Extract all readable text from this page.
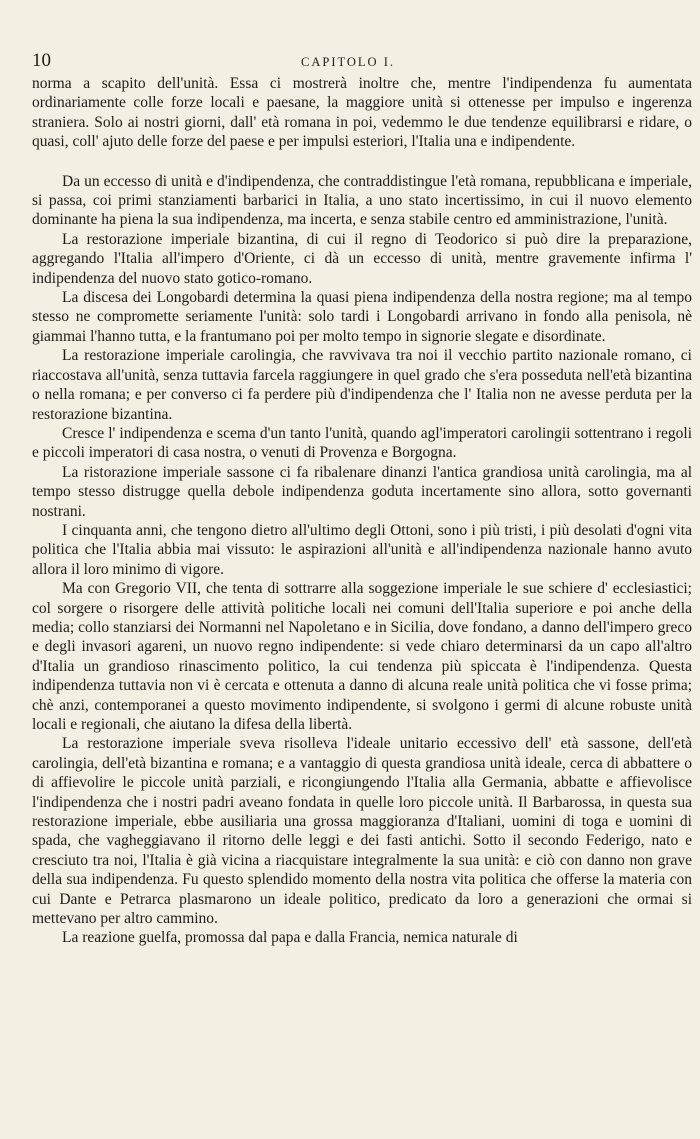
10	CAPITOLO I.

norma a scapito dell'unità. Essa ci mostrerà inoltre che, mentre l'indipendenza fu aumentata ordinariamente colle forze locali e paesane, la maggiore unità si ottenesse per impulso e ingerenza straniera. Solo ai nostri giorni, dall' età romana in poi, vedemmo le due tendenze equilibrarsi e ridare, o quasi, coll' ajuto delle forze del paese e per impulsi esteriori, l'Italia una e indipendente.

Da un eccesso di unità e d'indipendenza, che contraddistingue l'età romana, repubblicana e imperiale, si passa, coi primi stanziamenti barbarici in Italia, a uno stato incertissimo, in cui il nuovo elemento dominante ha piena la sua indipendenza, ma incerta, e senza stabile centro ed amministrazione, l'unità.

La restorazione imperiale bizantina, di cui il regno di Teodorico si può dire la preparazione, aggregando l'Italia all'impero d'Oriente, ci dà un eccesso di unità, mentre gravemente infirma l' indipendenza del nuovo stato gotico-romano.

La discesa dei Longobardi determina la quasi piena indipendenza della nostra regione; ma al tempo stesso ne compromette seriamente l'unità: solo tardi i Longobardi arrivano in fondo alla penisola, nè giammai l'hanno tutta, e la frantumano poi per molto tempo in signorie slegate e disordinate.

La restorazione imperiale carolingia, che ravvivava tra noi il vecchio partito nazionale romano, ci riaccostava all'unità, senza tuttavia farcela raggiungere in quel grado che s'era posseduta nell'età bizantina o nella romana; e per converso ci fa perdere più d'indipendenza che l' Italia non ne avesse perduta per la restorazione bizantina.

Cresce l' indipendenza e scema d'un tanto l'unità, quando agl'imperatori carolingii sottentrano i regoli e piccoli imperatori di casa nostra, o venuti di Provenza e Borgogna.

La ristorazione imperiale sassone ci fa ribalenare dinanzi l'antica grandiosa unità carolingia, ma al tempo stesso distrugge quella debole indipendenza goduta incertamente sino allora, sotto governanti nostrani.

I cinquanta anni, che tengono dietro all'ultimo degli Ottoni, sono i più tristi, i più desolati d'ogni vita politica che l'Italia abbia mai vissuto: le aspirazioni all'unità e all'indipendenza nazionale hanno avuto allora il loro minimo di vigore.

Ma con Gregorio VII, che tenta di sottrarre alla soggezione imperiale le sue schiere d' ecclesiastici; col sorgere o risorgere delle attività politiche locali nei comuni dell'Italia superiore e poi anche della media; collo stanziarsi dei Normanni nel Napoletano e in Sicilia, dove fondano, a danno dell'impero greco e degli invasori agareni, un nuovo regno indipendente: si vede chiaro determinarsi da un capo all'altro d'Italia un grandioso rinascimento politico, la cui tendenza più spiccata è l'indipendenza. Questa indipendenza tuttavia non vi è cercata e ottenuta a danno di alcuna reale unità politica che vi fosse prima; chè anzi, contemporanei a questo movimento indipendente, si svolgono i germi di alcune robuste unità locali e regionali, che aiutano la difesa della libertà.

La restorazione imperiale sveva risolleva l'ideale unitario eccessivo dell' età sassone, dell'età carolingia, dell'età bizantina e romana; e a vantaggio di questa grandiosa unità ideale, cerca di abbattere o di affievolire le piccole unità parziali, e ricongiungendo l'Italia alla Germania, abbatte e affievolisce l'indipendenza che i nostri padri aveano fondata in quelle loro piccole unità. Il Barbarossa, in questa sua restorazione imperiale, ebbe ausiliaria una grossa maggioranza d'Italiani, uomini di toga e uomini di spada, che vagheggiavano il ritorno delle leggi e dei fasti antichi. Sotto il secondo Federigo, nato e cresciuto tra noi, l'Italia è già vicina a riacquistare integralmente la sua unità: e ciò con danno non grave della sua indipendenza. Fu questo splendido momento della nostra vita politica che offerse la materia con cui Dante e Petrarca plasmarono un ideale politico, predicato da loro a generazioni che ormai si mettevano per altro cammino.

La reazione guelfa, promossa dal papa e dalla Francia, nemica naturale di
